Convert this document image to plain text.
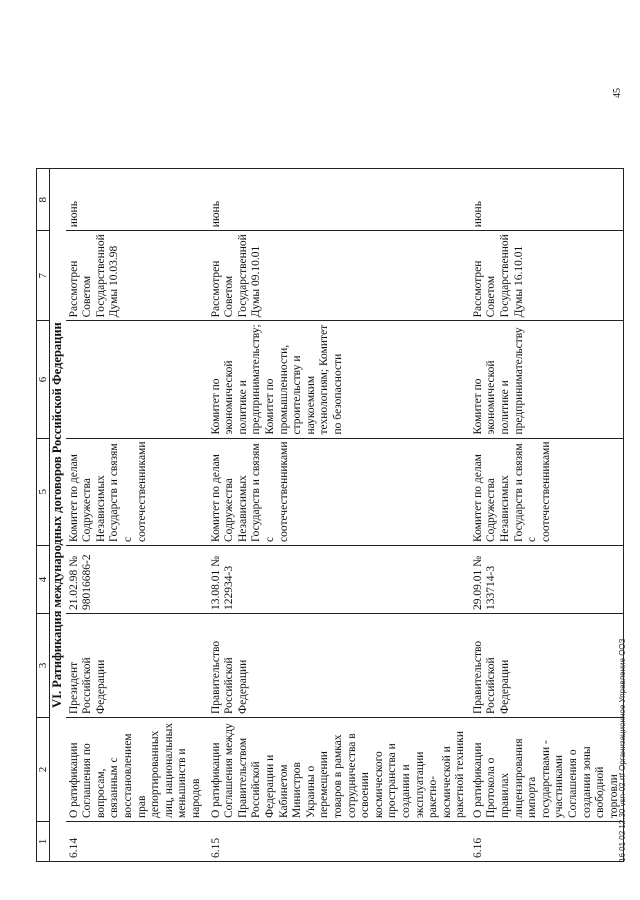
1	2	3	4	5	6	7	8
VI. Ратификация международных договоров Российской Федерации							
6.14	О ратификации Соглашения по вопросам, связанным с восстановлением прав депортированных лиц, национальных меньшинств и народов	Президент Российской Федерации	21.02.98 № 98016686-2	Комитет по делам Содружества Независимых Государств и связям с соотечественниками		Рассмотрен Советом Государственной Думы 10.03.98	июнь
6.15	О ратификации Соглашения между Правительством Российской Федерации и Кабинетом Министров Украины о перемещении товаров в рамках сотрудничества в освоении космического пространства и создании и эксплуатации ракетно-космической и ракетной техники	Правительство Российской Федерации	13.08.01 № 122934-3	Комитет по делам Содружества Независимых Государств и связям с соотечественниками	Комитет по экономической политике и предпринимательству; Комитет по промышленности, строительству и наукоемким технологиям; Комитет по безопасности	Рассмотрен Советом Государственной Думы 09.10.01	июнь
6.16	О ратификации Протокола о правилах лицензирования импорта государствами - участниками Соглашения о создании зоны свободной торговли	Правительство Российской Федерации	29.09.01 № 133714-3	Комитет по делам Содружества Независимых Государств и связям с соотечественниками	Комитет по экономической политике и предпринимательству	Рассмотрен Советом Государственной Думы 16.10.01	июнь
16 01 02 12.30 vsn-02.rtf Организационное Управление ООЗ
45
